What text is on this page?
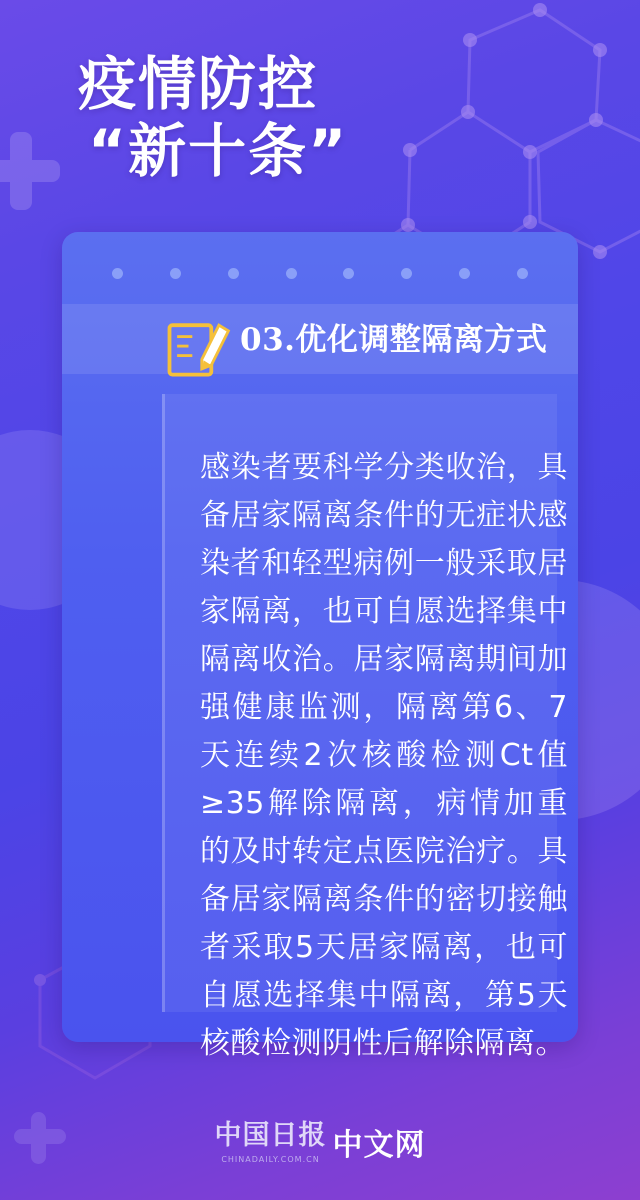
疫情防控
“新十条”
03.优化调整隔离方式
感染者要科学分类收治，具备居家隔离条件的无症状感染者和轻型病例一般采取居家隔离，也可自愿选择集中隔离收治。居家隔离期间加强健康监测，隔离第6、7天连续2次核酸检测Ct值≥35解除隔离，病情加重的及时转定点医院治疗。具备居家隔离条件的密切接触者采取5天居家隔离，也可自愿选择集中隔离，第5天核酸检测阴性后解除隔离。
中国日报
CHINADAILY.COM.CN 中文网
